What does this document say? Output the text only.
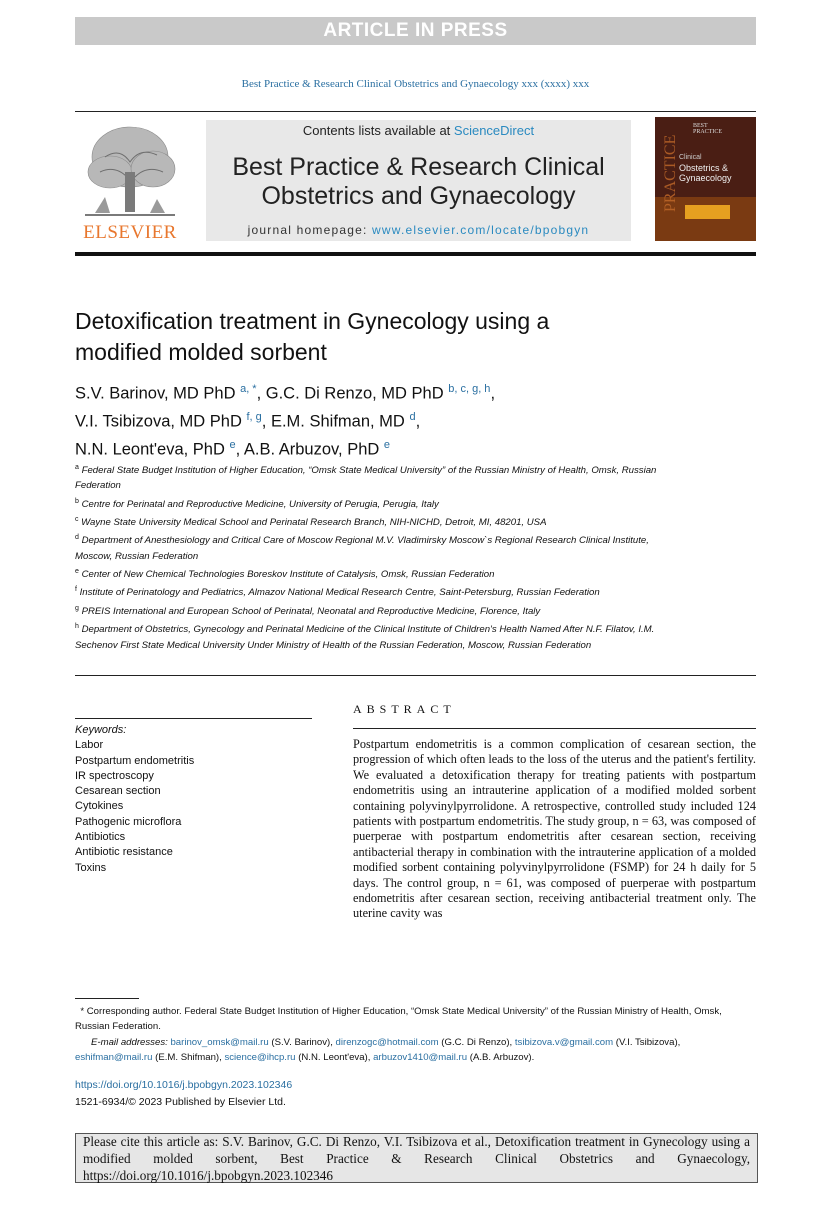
ARTICLE IN PRESS
Best Practice & Research Clinical Obstetrics and Gynaecology xxx (xxxx) xxx
ELSEVIER
Contents lists available at ScienceDirect
Best Practice & Research Clinical
Obstetrics and Gynaecology
journal homepage: www.elsevier.com/locate/bpobgyn
PRACTICE
BEST
PRACTICE
Clinical
Obstetrics &
Gynaecology
Detoxification treatment in Gynecology using a
modified molded sorbent
S.V. Barinov, MD PhD $^{a, *}$, G.C. Di Renzo, MD PhD $^{b, c, g, h}$,
V.I. Tsibizova, MD PhD $^{f, g}$, E.M. Shifman, MD $^d$,
N.N. Leont'eva, PhD $^e$, A.B. Arbuzov, PhD $^e$
$^a$ Federal State Budget Institution of Higher Education, “Omsk State Medical University” of the Russian Ministry of Health, Omsk, Russian Federation
$^b$ Centre for Perinatal and Reproductive Medicine, University of Perugia, Perugia, Italy
$^c$ Wayne State University Medical School and Perinatal Research Branch, NIH-NICHD, Detroit, MI, 48201, USA
$^d$ Department of Anesthesiology and Critical Care of Moscow Regional M.V. Vladimirsky Moscow`s Regional Research Clinical Institute, Moscow, Russian Federation
$^e$ Center of New Chemical Technologies Boreskov Institute of Catalysis, Omsk, Russian Federation
$^f$ Institute of Perinatology and Pediatrics, Almazov National Medical Research Centre, Saint-Petersburg, Russian Federation
$^g$ PREIS International and European School of Perinatal, Neonatal and Reproductive Medicine, Florence, Italy
$^h$ Department of Obstetrics, Gynecology and Perinatal Medicine of the Clinical Institute of Children's Health Named After N.F. Filatov, I.M. Sechenov First State Medical University Under Ministry of Health of the Russian Federation, Moscow, Russian Federation
ABSTRACT
Keywords:
Labor
Postpartum endometritis
IR spectroscopy
Cesarean section
Cytokines
Pathogenic microflora
Antibiotics
Antibiotic resistance
Toxins
Postpartum endometritis is a common complication of cesarean section, the progression of which often leads to the loss of the uterus and the patient's fertility. We evaluated a detoxification therapy for treating patients with postpartum endometritis using an intrauterine application of a modified molded sorbent containing polyvinylpyrrolidone. A retrospective, controlled study included 124 patients with postpartum endometritis. The study group, n = 63, was composed of puerperae with postpartum endometritis after cesarean section, receiving antibacterial therapy in combination with the intrauterine application of a molded modified sorbent containing polyvinylpyrrolidone (FSMP) for 24 h daily for 5 days. The control group, n = 61, was composed of puerperae with postpartum endometritis after cesarean section, receiving antibacterial treatment only. The uterine cavity was
* Corresponding author. Federal State Budget Institution of Higher Education, “Omsk State Medical University” of the Russian Ministry of Health, Omsk, Russian Federation.
E-mail addresses: barinov_omsk@mail.ru (S.V. Barinov), direnzogc@hotmail.com (G.C. Di Renzo), tsibizova.v@gmail.com (V.I. Tsibizova), eshifman@mail.ru (E.M. Shifman), science@ihcp.ru (N.N. Leont'eva), arbuzov1410@mail.ru (A.B. Arbuzov).
https://doi.org/10.1016/j.bpobgyn.2023.102346
1521-6934/© 2023 Published by Elsevier Ltd.
Please cite this article as: S.V. Barinov, G.C. Di Renzo, V.I. Tsibizova et al., Detoxification treatment in Gynecology using a modified molded sorbent, Best Practice & Research Clinical Obstetrics and Gynaecology, https://doi.org/10.1016/j.bpobgyn.2023.102346
